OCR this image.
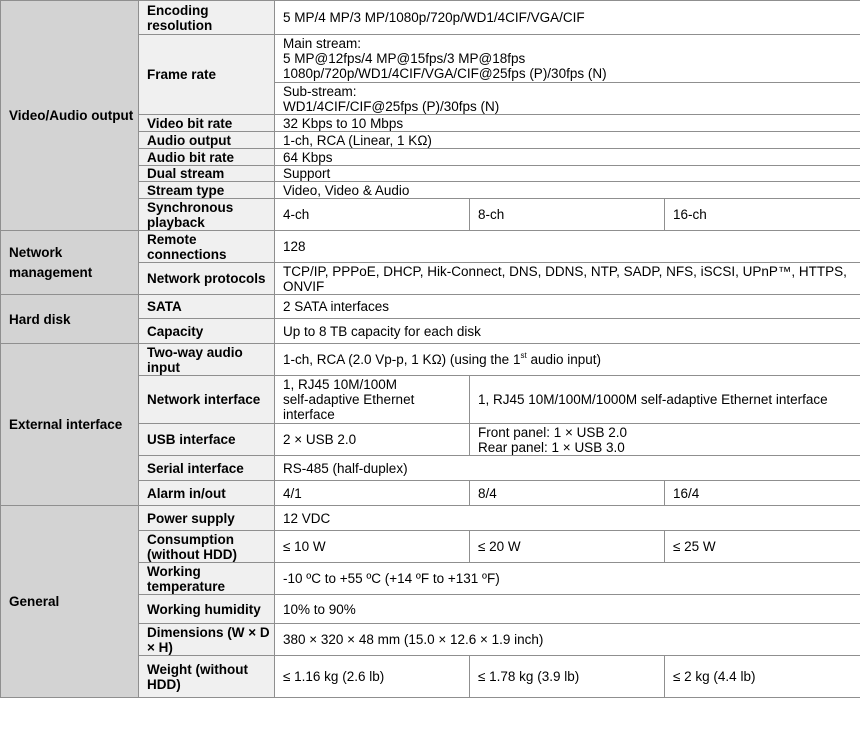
Video/Audio output	Encoding resolution	5 MP/4 MP/3 MP/1080p/720p/WD1/4CIF/VGA/CIF		
	Frame rate	Main stream:
5 MP@12fps/4 MP@15fps/3 MP@18fps
1080p/720p/WD1/4CIF/VGA/CIF@25fps (P)/30fps (N)		
		Sub-stream:
WD1/4CIF/CIF@25fps (P)/30fps (N)		
	Video bit rate	32 Kbps to 10 Mbps		
	Audio output	1-ch, RCA (Linear, 1 KΩ)		
	Audio bit rate	64 Kbps		
	Dual stream	Support		
	Stream type	Video, Video & Audio		
	Synchronous playback	4-ch	8-ch	16-ch
Network management	Remote connections	128		
	Network protocols	TCP/IP, PPPoE, DHCP, Hik-Connect, DNS, DDNS, NTP, SADP, NFS, iSCSI, UPnP™, HTTPS, ONVIF		
Hard disk	SATA	2 SATA interfaces		
	Capacity	Up to 8 TB capacity for each disk		
External interface	Two-way audio input	1-ch, RCA (2.0 Vp-p, 1 KΩ) (using the 1st audio input)		
	Network interface	1, RJ45 10M/100M self-adaptive Ethernet interface	1, RJ45 10M/100M/1000M self-adaptive Ethernet interface	
	USB interface	2 × USB 2.0	Front panel: 1 × USB 2.0
Rear panel: 1 × USB 3.0	
	Serial interface	RS-485 (half-duplex)		
	Alarm in/out	4/1	8/4	16/4
General	Power supply	12 VDC		
	Consumption (without HDD)	≤ 10 W	≤ 20 W	≤ 25 W
	Working temperature	-10 ºC to +55 ºC (+14 ºF to +131 ºF)		
	Working humidity	10% to 90%		
	Dimensions (W × D × H)	380 × 320 × 48 mm (15.0 × 12.6 × 1.9 inch)		
	Weight (without HDD)	≤ 1.16 kg (2.6 lb)	≤ 1.78 kg (3.9 lb)	≤ 2 kg (4.4 lb)
